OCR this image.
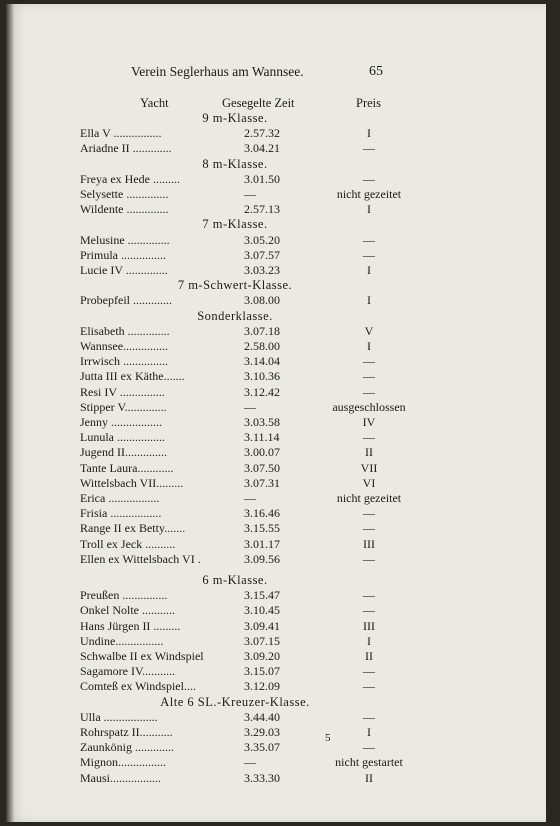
Verein Seglerhaus am Wannsee.	65
Yacht	Gesegelte Zeit	Preis
9 m-Klasse.
Ella V ................	2.57.32	I
Ariadne II .............	3.04.21	—
8 m-Klasse.
Freya ex Hede .........	3.01.50	—
Selysette ..............	—	nicht gezeitet
Wildente ..............	2.57.13	I
7 m-Klasse.
Melusine ..............	3.05.20	—
Primula ...............	3.07.57	—
Lucie IV ..............	3.03.23	I
7 m-Schwert-Klasse.
Probepfeil .............	3.08.00	I
Sonderklasse.
Elisabeth ..............	3.07.18	V
Wannsee...............	2.58.00	I
Irrwisch ...............	3.14.04	—
Jutta III ex Käthe.......	3.10.36	—
Resi IV ...............	3.12.42	—
Stipper V..............	—	ausgeschlossen
Jenny .................	3.03.58	IV
Lunula ................	3.11.14	—
Jugend II..............	3.00.07	II
Tante Laura............	3.07.50	VII
Wittelsbach VII.........	3.07.31	VI
Erica .................	—	nicht gezeitet
Frisia .................	3.16.46	—
Range II ex Betty.......	3.15.55	—
Troll ex Jeck ..........	3.01.17	III
Ellen ex Wittelsbach VI .	3.09.56	—
6 m-Klasse.
Preußen ...............	3.15.47	—
Onkel Nolte ...........	3.10.45	—
Hans Jürgen II .........	3.09.41	III
Undine................	3.07.15	I
Schwalbe II ex Windspiel	3.09.20	II
Sagamore IV...........	3.15.07	—
Comteß ex Windspiel....	3.12.09	—
Alte 6 SL.-Kreuzer-Klasse.
Ulla ..................	3.44.40	—
Rohrspatz II...........	3.29.03	I
Zaunkönig .............	3.35.07	—
Mignon................	—	nicht gestartet
Mausi.................	3.33.30	II
5
